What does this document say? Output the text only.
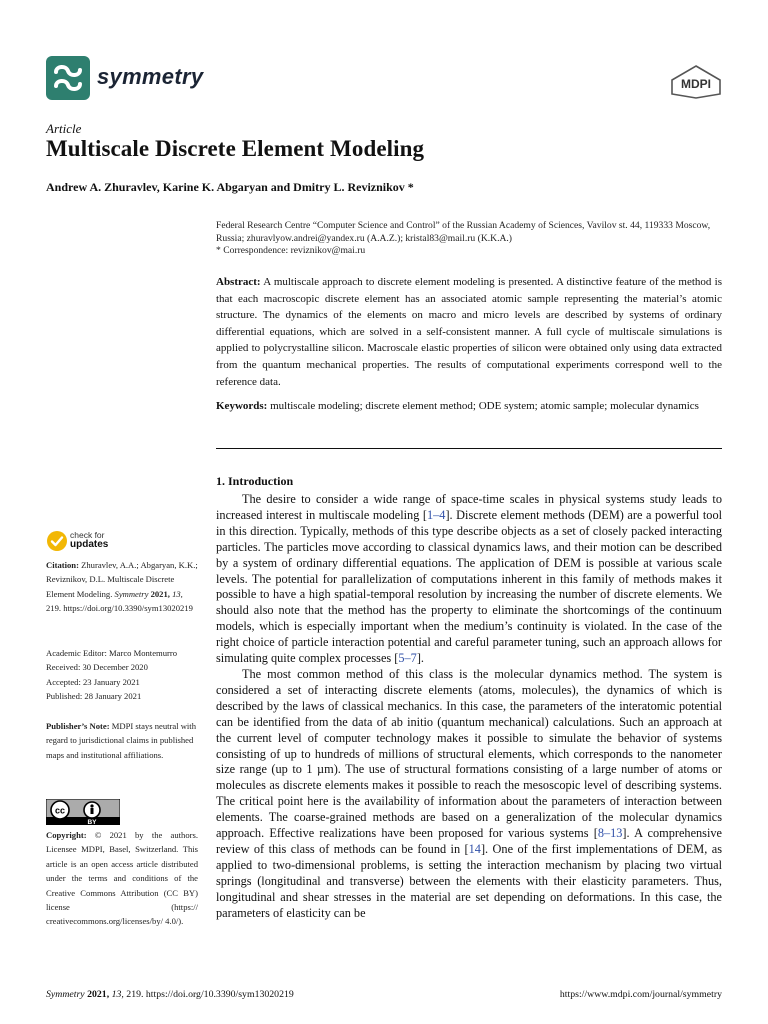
symmetry	MDPI
Article
Multiscale Discrete Element Modeling
Andrew A. Zhuravlev, Karine K. Abgaryan and Dmitry L. Reviznikov *
Federal Research Centre “Computer Science and Control” of the Russian Academy of Sciences, Vavilov st. 44, 119333 Moscow, Russia; zhuravlyow.andrei@yandex.ru (A.A.Z.); kristal83@mail.ru (K.K.A.)
* Correspondence: reviznikov@mai.ru
Abstract: A multiscale approach to discrete element modeling is presented. A distinctive feature of the method is that each macroscopic discrete element has an associated atomic sample representing the material’s atomic structure. The dynamics of the elements on macro and micro levels are described by systems of ordinary differential equations, which are solved in a self-consistent manner. A full cycle of multiscale simulations is applied to polycrystalline silicon. Macroscale elastic properties of silicon were obtained only using data extracted from the quantum mechanical properties. The results of computational experiments correspond well to the reference data.
Keywords: multiscale modeling; discrete element method; ODE system; atomic sample; molecular dynamics
1. Introduction

The desire to consider a wide range of space-time scales in physical systems study leads to increased interest in multiscale modeling [1–4]. Discrete element methods (DEM) are a powerful tool in this direction. Typically, methods of this type describe objects as a set of closely packed interacting particles. The particles move according to classical dynamics laws, and their motion can be described by a system of ordinary differential equations. The application of DEM is possible at various scale levels. The potential for parallelization of computations inherent in this family of methods makes it possible to have a high spatial-temporal resolution by increasing the number of discrete elements. We should also note that the method has the property to eliminate the shortcomings of the continuum models, which is especially important when the medium’s continuity is violated. In the case of the right choice of particle interaction potential and careful parameter tuning, such an approach allows for simulating quite complex processes [5–7].

The most common method of this class is the molecular dynamics method. The system is considered a set of interacting discrete elements (atoms, molecules), the dynamics of which is described by the laws of classical mechanics. In this case, the parameters of the interatomic potential can be identified from the data of ab initio (quantum mechanical) calculations. Such an approach at the current level of computer technology makes it possible to simulate the behavior of systems consisting of up to hundreds of millions of structural elements, which corresponds to the nanometer size range (up to 1 µm). The use of structural formations consisting of a large number of atoms or molecules as discrete elements makes it possible to reach the mesoscopic level of describing systems. The critical point here is the availability of information about the parameters of interaction between elements. The coarse-grained methods are based on a generalization of the molecular dynamics approach. Effective realizations have been proposed for various systems [8–13]. A comprehensive review of this class of methods can be found in [14]. One of the first implementations of DEM, as applied to two-dimensional problems, is setting the interaction mechanism by placing two virtual springs (longitudinal and transverse) between the elements with their elasticity parameters. Thus, longitudinal and shear stresses in the material are set depending on deformations. In this case, the parameters of elasticity can be

check for
updates
Citation: Zhuravlev, A.A.; Abgaryan, K.K.; Reviznikov, D.L. Multiscale Discrete Element Modeling. Symmetry 2021, 13, 219. https://doi.org/10.3390/sym13020219
Academic Editor: Marco Montemurro
Received: 30 December 2020
Accepted: 23 January 2021
Published: 28 January 2021
Publisher’s Note: MDPI stays neutral with regard to jurisdictional claims in published maps and institutional affiliations.
cc
BY
Copyright: © 2021 by the authors. Licensee MDPI, Basel, Switzerland. This article is an open access article distributed under the terms and conditions of the Creative Commons Attribution (CC BY) license (https:// creativecommons.org/licenses/by/ 4.0/).
Symmetry 2021, 13, 219. https://doi.org/10.3390/sym13020219	https://www.mdpi.com/journal/symmetry
